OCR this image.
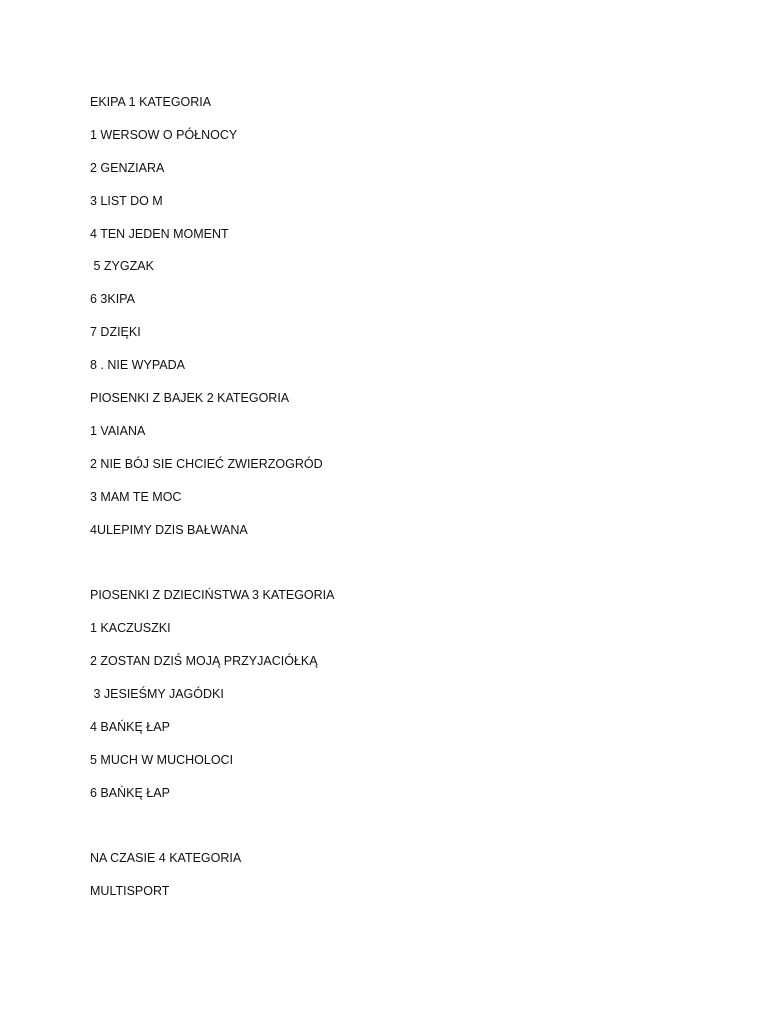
EKIPA 1 KATEGORIA
1 WERSOW O PÓŁNOCY
2 GENZIARA
3 LIST DO M
4 TEN JEDEN MOMENT
5 ZYGZAK
6 3KIPA
7 DZIĘKI
8 . NIE WYPADA
PIOSENKI Z BAJEK 2 KATEGORIA
1 VAIANA
2 NIE BÓJ SIE CHCIEĆ ZWIERZOGRÓD
3 MAM TE MOC
4ULEPIMY DZIS BAŁWANA
PIOSENKI Z DZIECIŃSTWA 3 KATEGORIA
1 KACZUSZKI
2 ZOSTAN DZIŚ MOJĄ PRZYJACIÓŁKĄ
3 JESIEŚMY JAGÓDKI
4 BAŃKĘ ŁAP
5 MUCH W MUCHOLOCI
6 BAŃKĘ ŁAP
NA CZASIE 4 KATEGORIA
MULTISPORT
